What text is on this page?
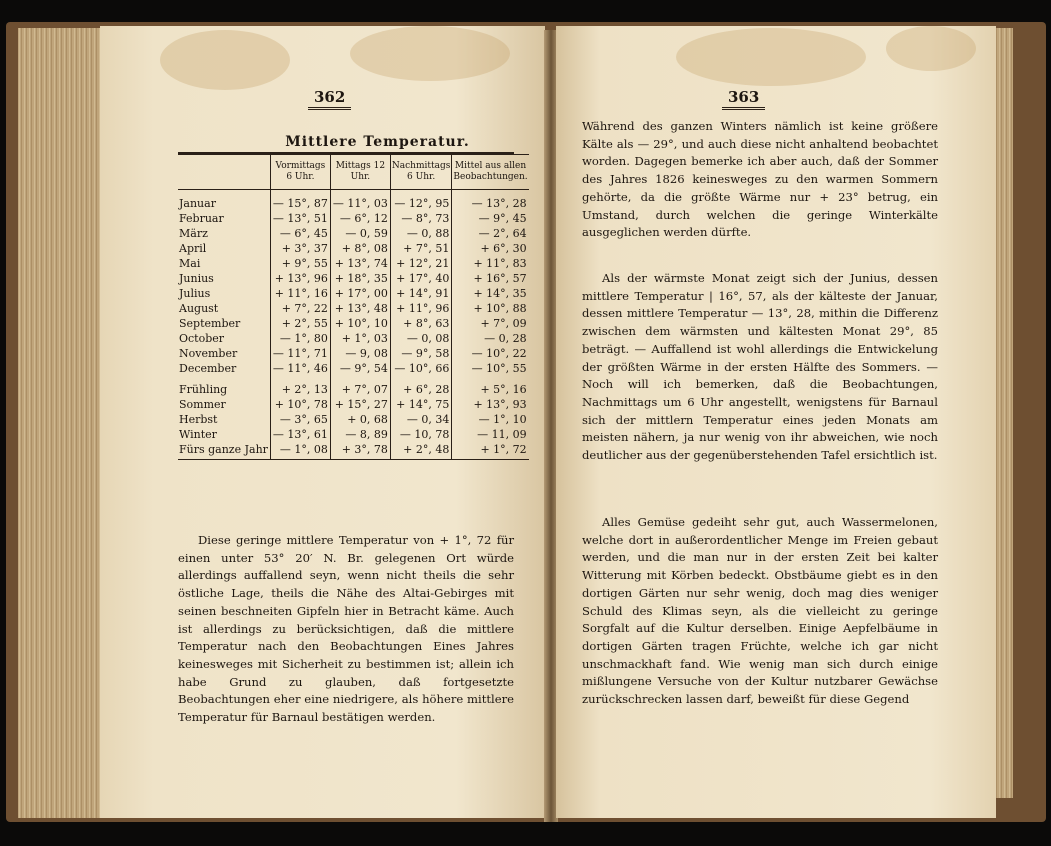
362
Mittlere Temperatur.
	Vormittags 6 Uhr.	Mittags 12 Uhr.	Nachmittags 6 Uhr.	Mittel aus allen Beobachtungen.

Januar	— 15°, 87	— 11°, 03	— 12°, 95	— 13°, 28
Februar	— 13°, 51	— 6°, 12	— 8°, 73	— 9°, 45
März	— 6°, 45	— 0, 59	— 0, 88	— 2°, 64
April	+ 3°, 37	+ 8°, 08	+ 7°, 51	+ 6°, 30
Mai	+ 9°, 55	+ 13°, 74	+ 12°, 21	+ 11°, 83
Junius	+ 13°, 96	+ 18°, 35	+ 17°, 40	+ 16°, 57
Julius	+ 11°, 16	+ 17°, 00	+ 14°, 91	+ 14°, 35
August	+ 7°, 22	+ 13°, 48	+ 11°, 96	+ 10°, 88
September	+ 2°, 55	+ 10°, 10	+ 8°, 63	+ 7°, 09
October	— 1°, 80	+ 1°, 03	— 0, 08	— 0, 28
November	— 11°, 71	— 9, 08	— 9°, 58	— 10°, 22
December	— 11°, 46	— 9°, 54	— 10°, 66	— 10°, 55

Frühling	+ 2°, 13	+ 7°, 07	+ 6°, 28	+ 5°, 16
Sommer	+ 10°, 78	+ 15°, 27	+ 14°, 75	+ 13°, 93
Herbst	— 3°, 65	+ 0, 68	— 0, 34	— 1°, 10
Winter	— 13°, 61	— 8, 89	— 10, 78	— 11, 09
Fürs ganze Jahr	— 1°, 08	+ 3°, 78	+ 2°, 48	+ 1°, 72
Diese geringe mittlere Temperatur von + 1°, 72 für einen unter 53° 20′ N. Br. gelegenen Ort würde allerdings auffallend seyn, wenn nicht theils die sehr östliche Lage, theils die Nähe des Altai-Gebirges mit seinen beschneiten Gipfeln hier in Betracht käme. Auch ist allerdings zu berücksichtigen, daß die mittlere Temperatur nach den Beobachtungen Eines Jahres keinesweges mit Sicherheit zu bestimmen ist; allein ich habe Grund zu glauben, daß fortgesetzte Beobachtungen eher eine niedrigere, als höhere mittlere Temperatur für Barnaul bestätigen werden.
363
Während des ganzen Winters nämlich ist keine größere Kälte als — 29°, und auch diese nicht anhaltend beobachtet worden. Dagegen bemerke ich aber auch, daß der Sommer des Jahres 1826 keinesweges zu den warmen Sommern gehörte, da die größte Wärme nur + 23° betrug, ein Umstand, durch welchen die geringe Winterkälte ausgeglichen werden dürfte.
Als der wärmste Monat zeigt sich der Junius, dessen mittlere Temperatur | 16°, 57, als der kälteste der Januar, dessen mittlere Temperatur — 13°, 28, mithin die Differenz zwischen dem wärmsten und kältesten Monat 29°, 85 beträgt. — Auffallend ist wohl allerdings die Entwickelung der größten Wärme in der ersten Hälfte des Sommers. — Noch will ich bemerken, daß die Beobachtungen, Nachmittags um 6 Uhr angestellt, wenigstens für Barnaul sich der mittlern Temperatur eines jeden Monats am meisten nähern, ja nur wenig von ihr abweichen, wie noch deutlicher aus der gegenüberstehenden Tafel ersichtlich ist.
Alles Gemüse gedeiht sehr gut, auch Wassermelonen, welche dort in außerordentlicher Menge im Freien gebaut werden, und die man nur in der ersten Zeit bei kalter Witterung mit Körben bedeckt. Obstbäume giebt es in den dortigen Gärten nur sehr wenig, doch mag dies weniger Schuld des Klimas seyn, als die vielleicht zu geringe Sorgfalt auf die Kultur derselben. Einige Aepfelbäume in dortigen Gärten tragen Früchte, welche ich gar nicht unschmackhaft fand. Wie wenig man sich durch einige mißlungene Versuche von der Kultur nutzbarer Gewächse zurückschrecken lassen darf, beweißt für diese Gegend
